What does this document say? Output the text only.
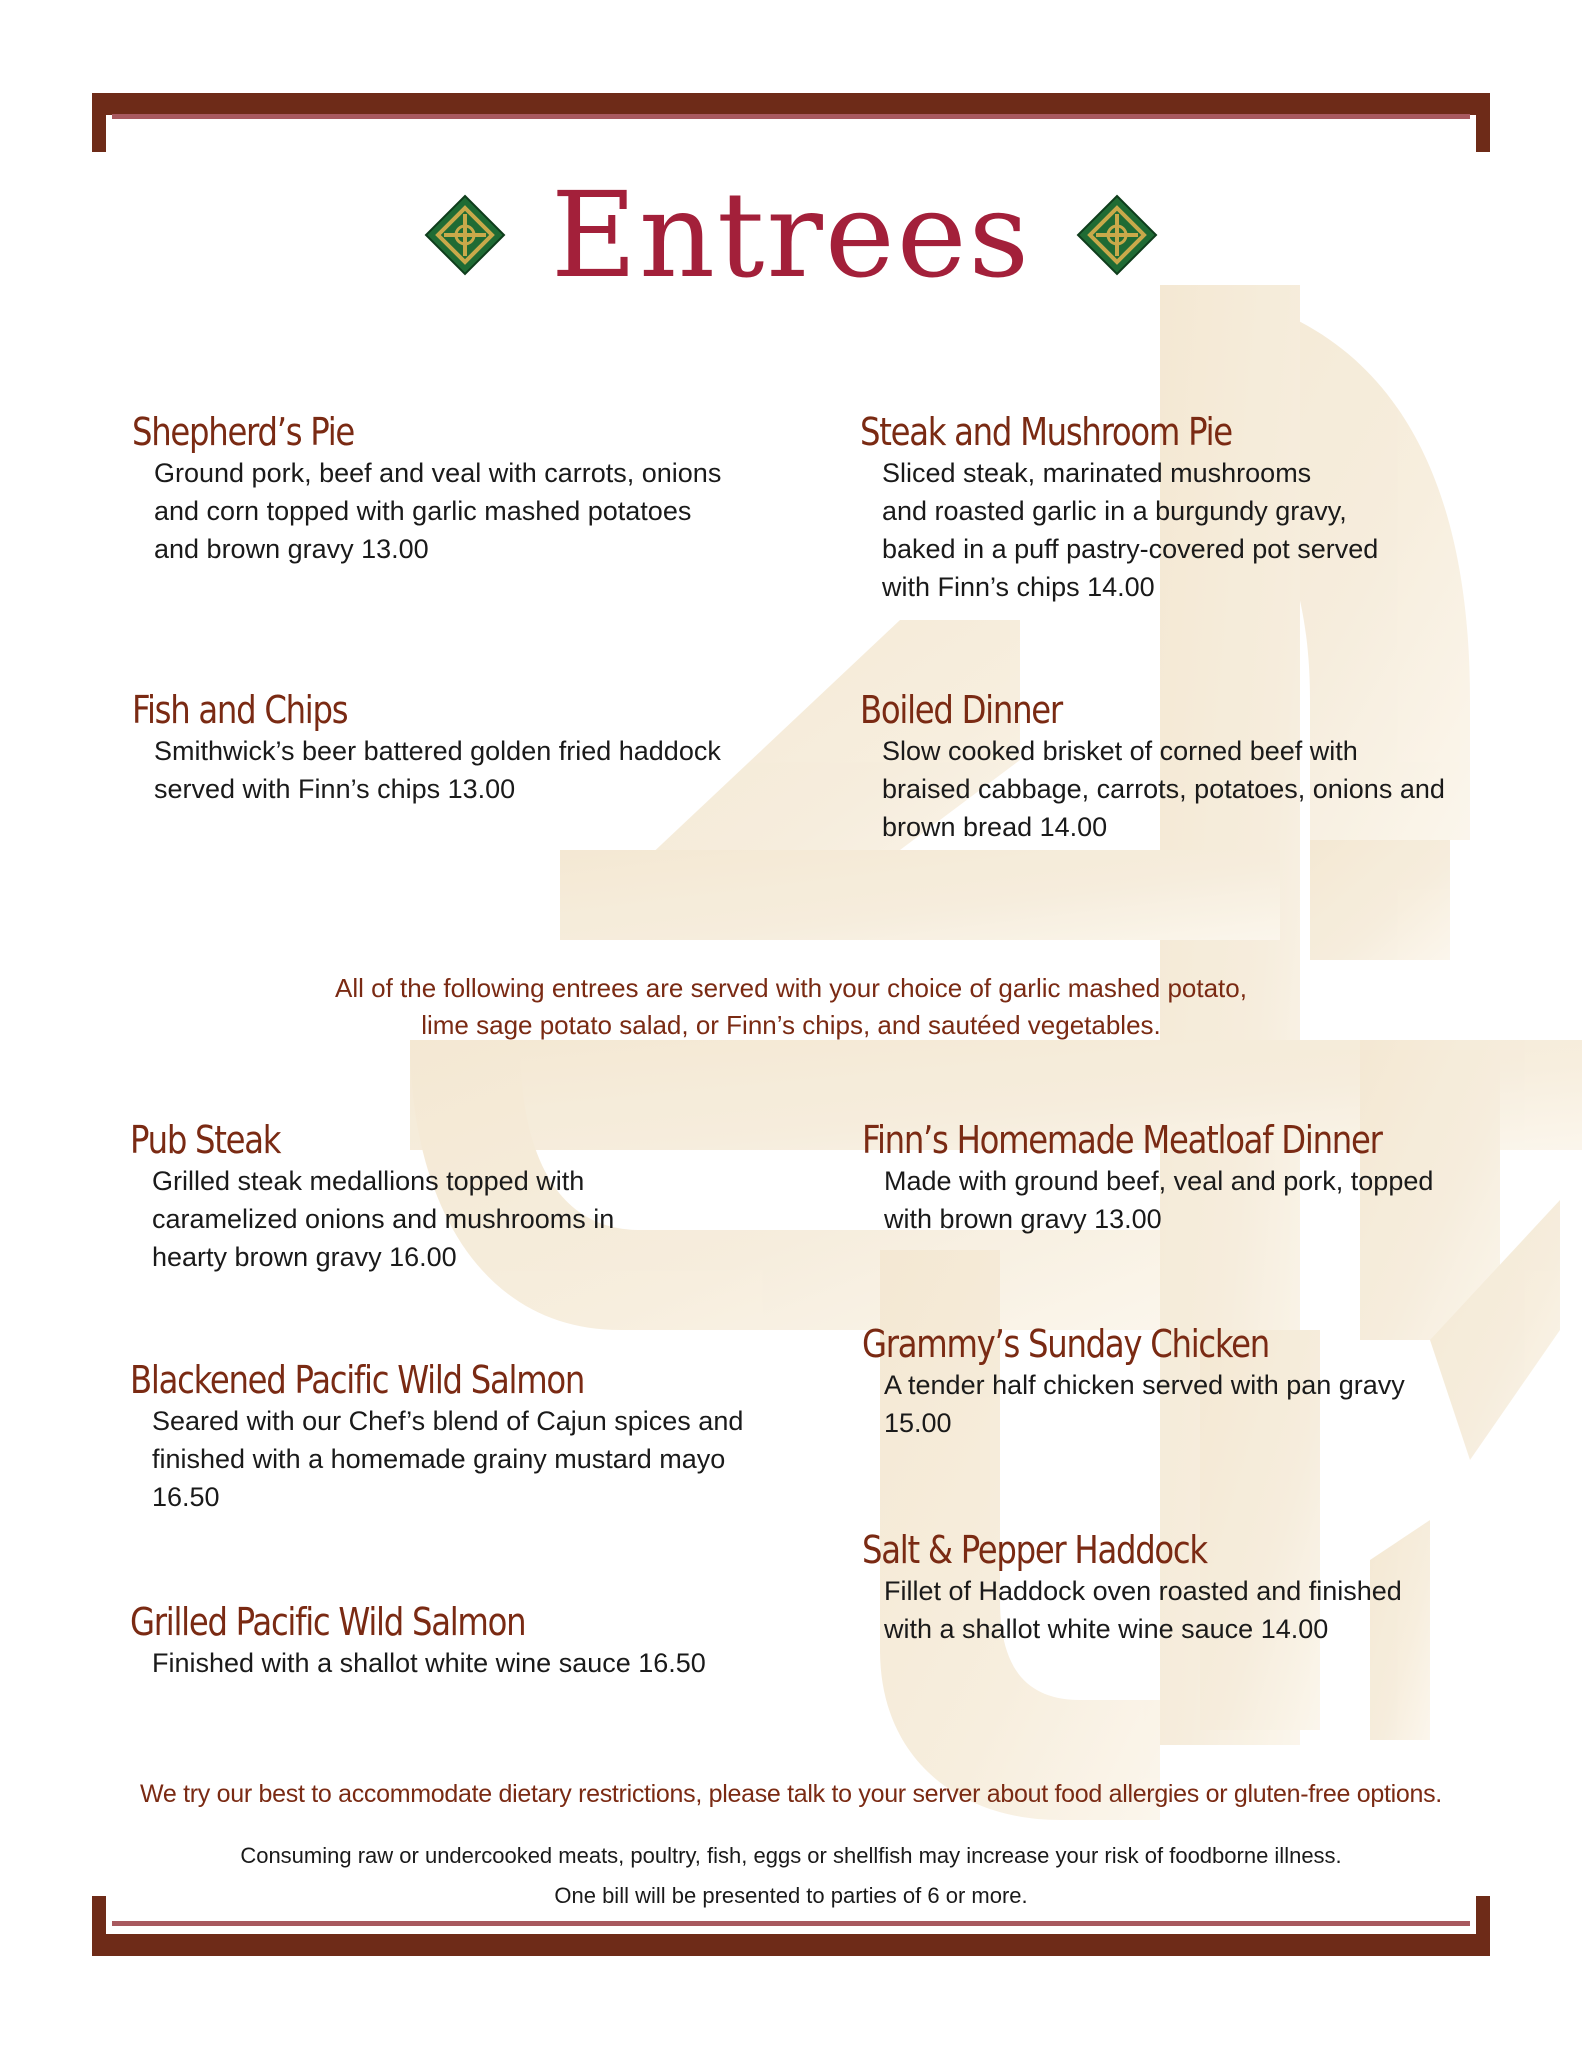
Entrees
Shepherd’s Pie
Ground pork, beef and veal with carrots, onions
and corn topped with garlic mashed potatoes
and brown gravy 13.00
Steak and Mushroom Pie
Sliced steak, marinated mushrooms
and roasted garlic in a burgundy gravy,
baked in a puff pastry-covered pot served
with Finn’s chips 14.00
Fish and Chips
Smithwick’s beer battered golden fried haddock
served with Finn’s chips 13.00
Boiled Dinner
Slow cooked brisket of corned beef with
braised cabbage, carrots, potatoes, onions and
brown bread 14.00
All of the following entrees are served with your choice of garlic mashed potato,
lime sage potato salad, or Finn’s chips, and sautéed vegetables.
Pub Steak
Grilled steak medallions topped with
caramelized onions and mushrooms in
hearty brown gravy 16.00
Finn’s Homemade Meatloaf Dinner
Made with ground beef, veal and pork, topped
with brown gravy 13.00
Grammy’s Sunday Chicken
A tender half chicken served with pan gravy
15.00
Blackened Pacific Wild Salmon
Seared with our Chef’s blend of Cajun spices and
finished with a homemade grainy mustard mayo
16.50
Salt & Pepper Haddock
Fillet of Haddock oven roasted and finished
with a shallot white wine sauce 14.00
Grilled Pacific Wild Salmon
Finished with a shallot white wine sauce 16.50
We try our best to accommodate dietary restrictions, please talk to your server about food allergies or gluten-free options.
Consuming raw or undercooked meats, poultry, fish, eggs or shellfish may increase your risk of foodborne illness.
One bill will be presented to parties of 6 or more.
